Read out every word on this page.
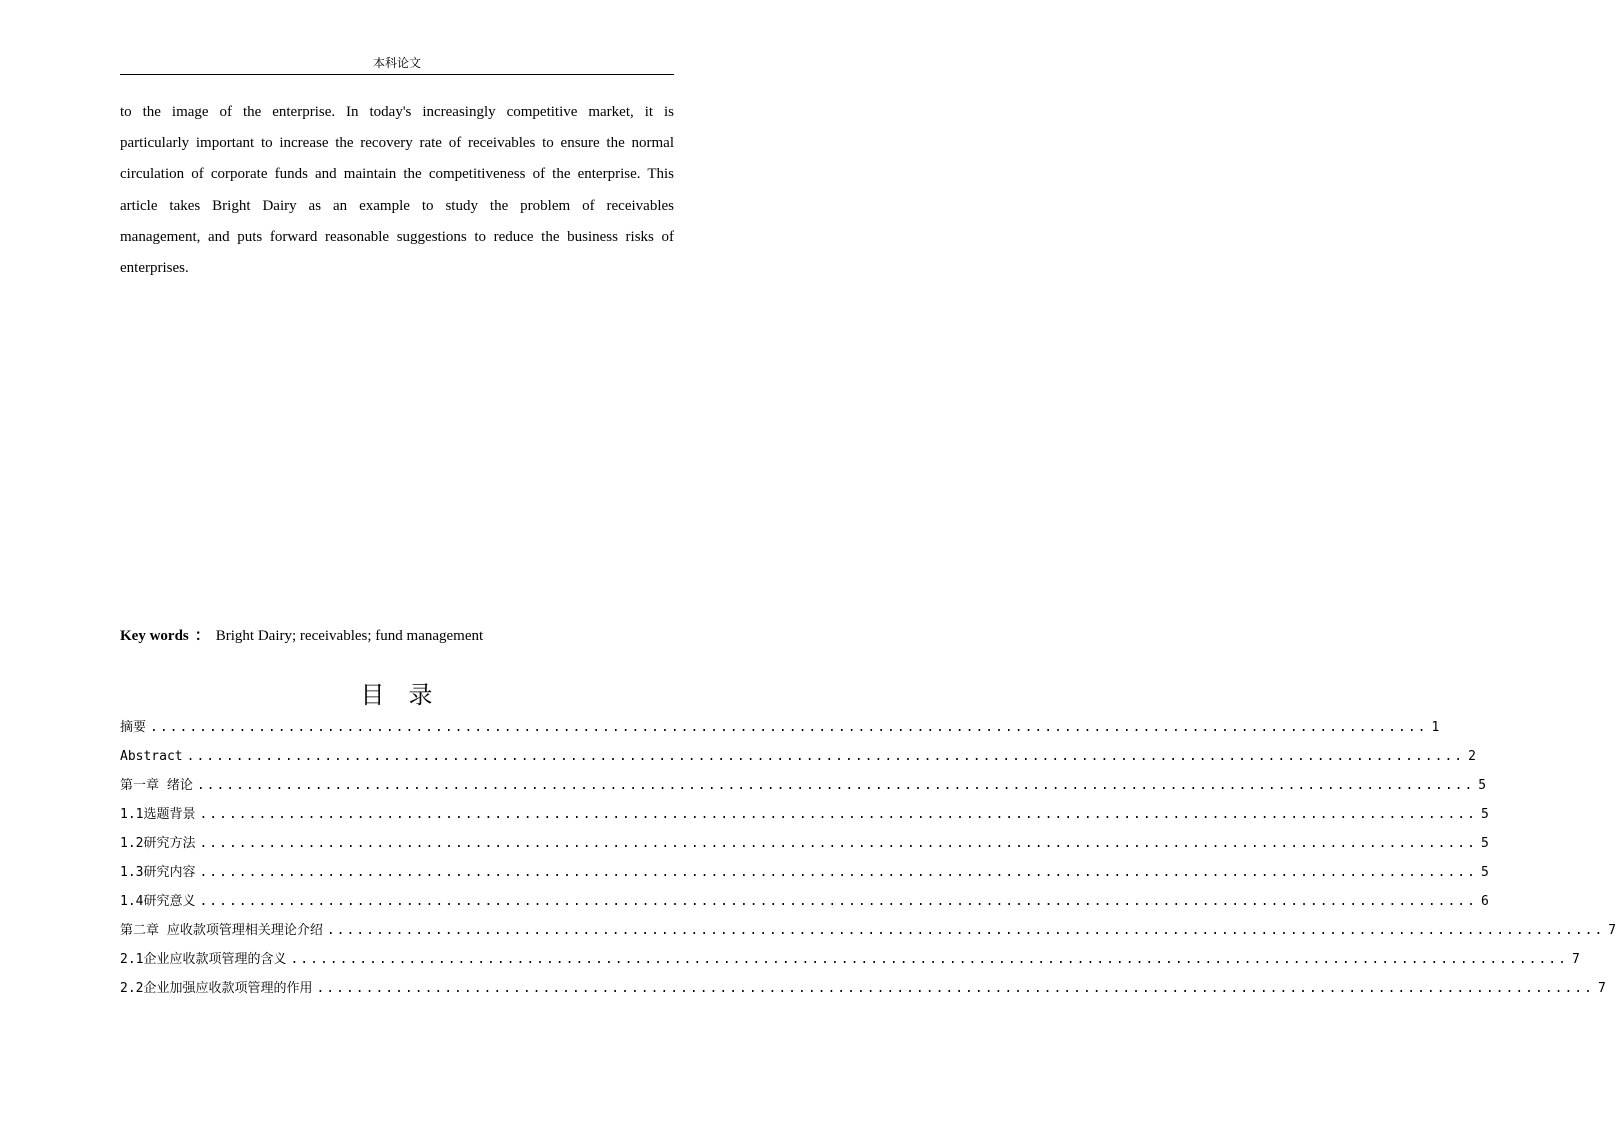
本科论文

to the image of the enterprise. In today's increasingly competitive market, it is

particularly important to increase the recovery rate of receivables to ensure the normal

circulation of corporate funds and maintain the competitiveness of the enterprise. This

article takes Bright Dairy as an example to study the problem of receivables

management, and puts forward reasonable suggestions to reduce the business risks of

enterprises.

Key words ： Bright Dairy; receivables; fund management
目录
摘要 .................................................................................................................................. 1
Abstract .................................................................................................................................. 2
第一章 绪论 .................................................................................................................................. 5
1.1选题背景 .................................................................................................................................. 5
1.2研究方法 .................................................................................................................................. 5
1.3研究内容 .................................................................................................................................. 5
1.4研究意义 .................................................................................................................................. 6
第二章 应收款项管理相关理论介绍 .................................................................................................................................. 7
2.1企业应收款项管理的含义 .................................................................................................................................. 7
2.2企业加强应收款项管理的作用 .................................................................................................................................. 7
